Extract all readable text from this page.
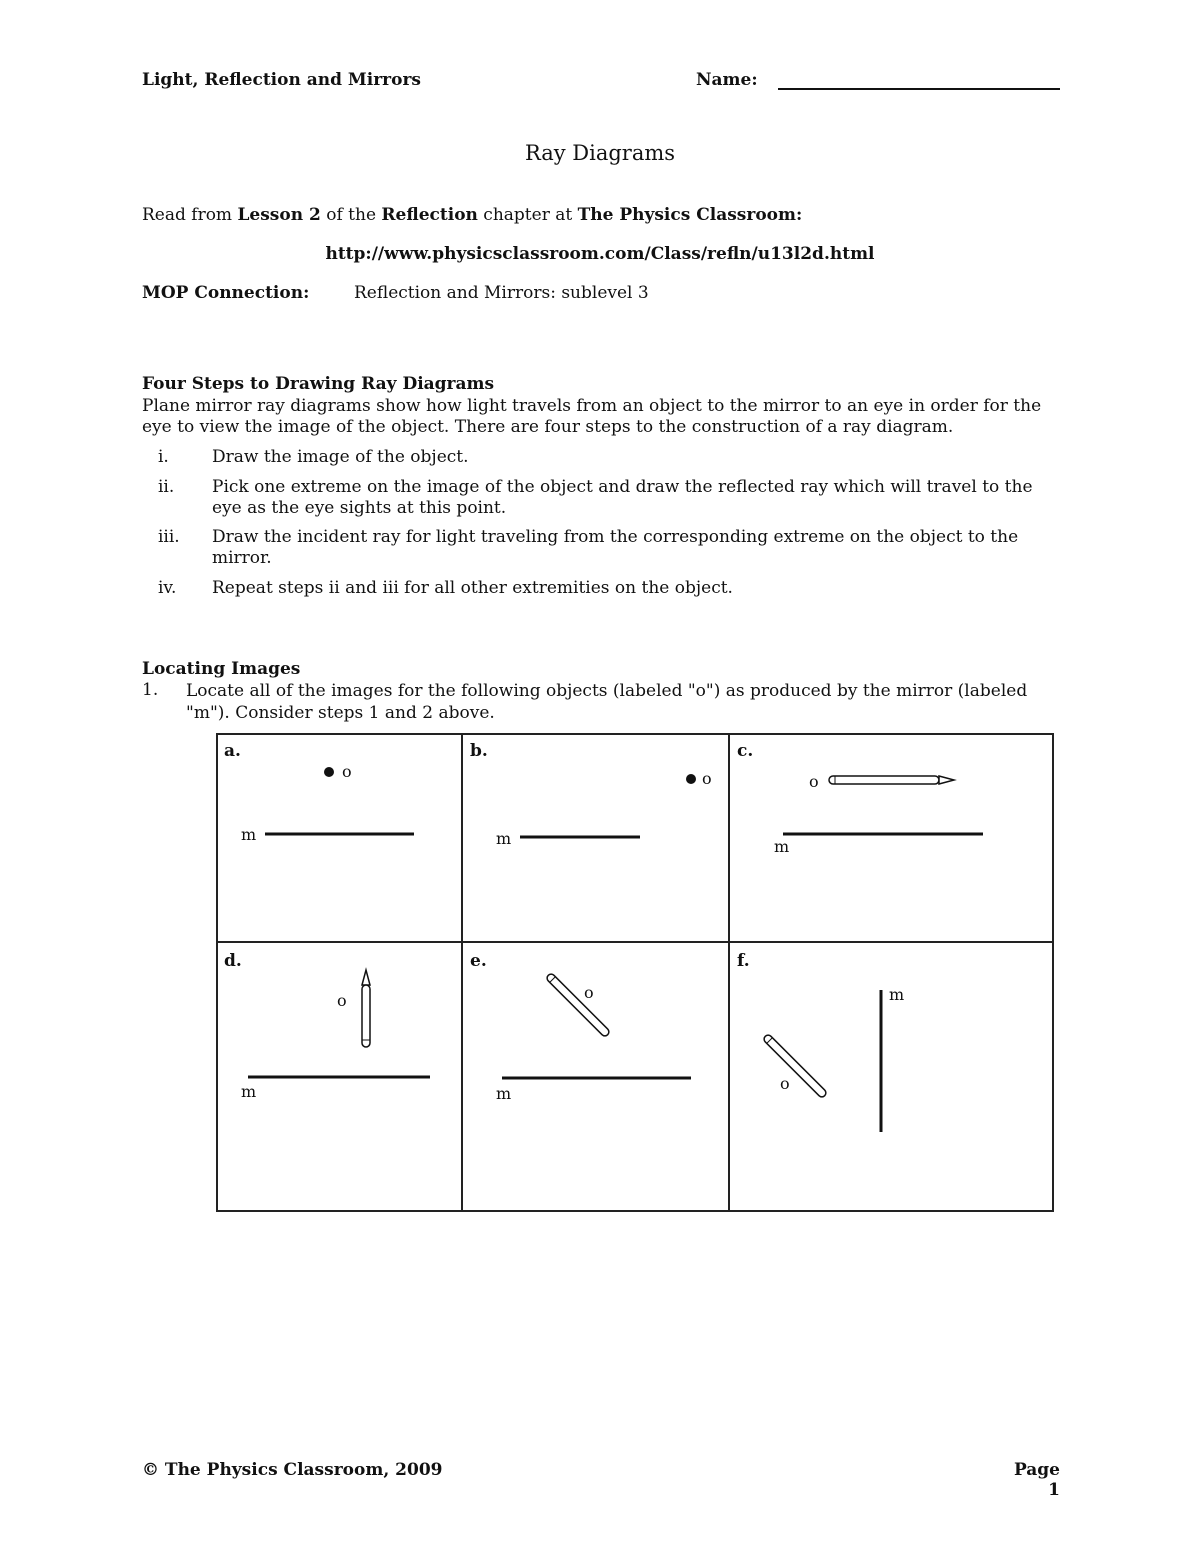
Light, Reflection and Mirrors	Name:
Ray Diagrams
Read from Lesson 2 of the Reflection chapter at The Physics Classroom:
http://www.physicsclassroom.com/Class/refln/u13l2d.html
MOP Connection:	Reflection and Mirrors: sublevel 3
Four Steps to Drawing Ray Diagrams
Plane mirror ray diagrams show how light travels from an object to the mirror to an eye in order for the eye to view the image of the object. There are four steps to the construction of a ray diagram.
i.	Draw the image of the object.
ii. Pick one extreme on the image of the object and draw the reflected ray which will travel to the eye as the eye sights at this point.
iii. Draw the incident ray for light traveling from the corresponding extreme on the object to the mirror.
iv. Repeat steps ii and iii for all other extremities on the object.
Locating Images
1. Locate all of the images for the following objects (labeled "o") as produced by the mirror (labeled "m"). Consider steps 1 and 2 above.
a.	b.	c.
d.	e.	f.
o
m
o
m
o
m
o
m
o
m
o
m
© The Physics Classroom, 2009	Page 1
